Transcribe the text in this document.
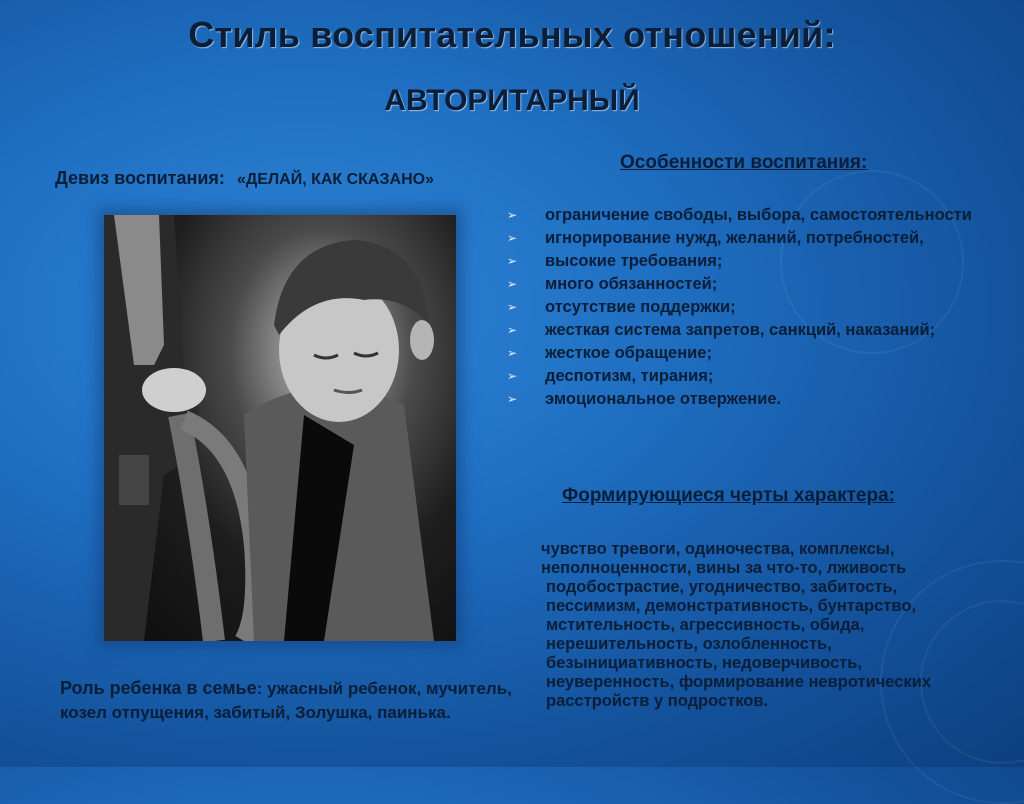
Стиль воспитательных отношений:
АВТОРИТАРНЫЙ
Девиз воспитания: «ДЕЛАЙ, КАК СКАЗАНО»
Особенности воспитания:
➢ ограничение свободы, выбора, самостоятельности
➢ игнорирование нужд, желаний, потребностей,
➢ высокие требования;
➢ много обязанностей;
➢ отсутствие поддержки;
➢ жесткая система запретов, санкций, наказаний;
➢ жесткое обращение;
➢ деспотизм, тирания;
➢ эмоциональное отвержение.
Формирующиеся черты характера:
чувство тревоги, одиночества, комплексы,
неполноценности, вины за что-то, лживость
подобострастие, угодничество, забитость,
пессимизм, демонстративность, бунтарство,
мстительность, агрессивность, обида,
нерешительность, озлобленность,
безынициативность, недоверчивость,
неуверенность, формирование невротических
расстройств у подростков.
Роль ребенка в семье: ужасный ребенок, мучитель, козел отпущения, забитый, Золушка, паинька.
